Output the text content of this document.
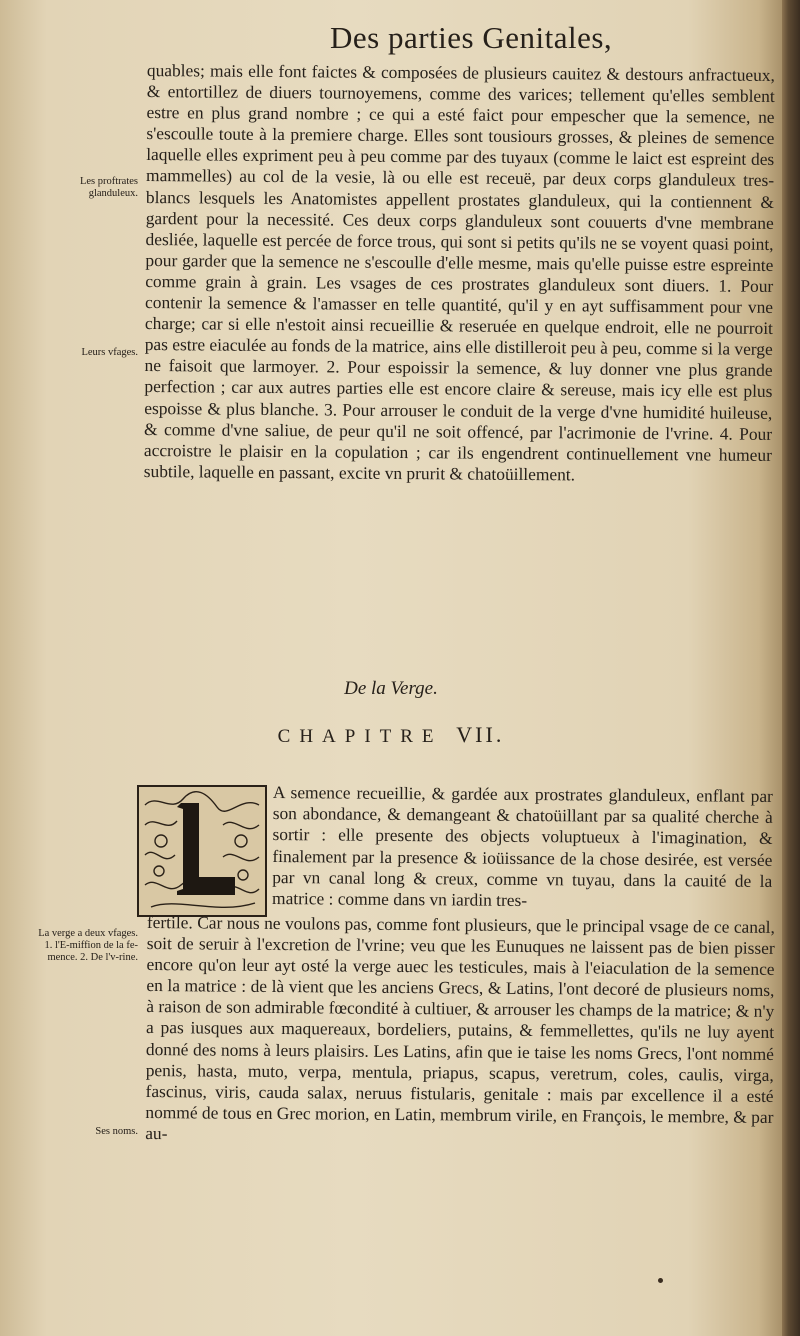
Des parties Genitales,

quables; mais elle font faictes & composées de plusieurs cauitez & destours anfractueux, & entortillez de diuers tournoyemens, comme des varices; tellement qu'elles semblent estre en plus grand nombre ; ce qui a esté faict pour empescher que la semence, ne s'escoulle toute à la premiere charge. Elles sont tousiours grosses, & pleines de semence laquelle elles expriment peu à peu comme par des tuyaux (comme le laict est espreint des mammelles) au col de la vesie, là ou elle est receuë, par deux corps glanduleux tres-blancs lesquels les Anatomistes appellent prostates glanduleux, qui la contiennent & gardent pour la necessité. Ces deux corps glanduleux sont couuerts d'vne membrane desliée, laquelle est percée de force trous, qui sont si petits qu'ils ne se voyent quasi point, pour garder que la semence ne s'escoulle d'elle mesme, mais qu'elle puisse estre espreinte comme grain à grain. Les vsages de ces prostrates glanduleux sont diuers. 1. Pour contenir la semence & l'amasser en telle quantité, qu'il y en ayt suffisamment pour vne charge; car si elle n'estoit ainsi recueillie & reseruée en quelque endroit, elle ne pourroit pas estre eiaculée au fonds de la matrice, ains elle distilleroit peu à peu, comme si la verge ne faisoit que larmoyer. 2. Pour espoissir la semence, & luy donner vne plus grande perfection ; car aux autres parties elle est encore claire & sereuse, mais icy elle est plus espoisse & plus blanche. 3. Pour arrouser le conduit de la verge d'vne humidité huileuse, & comme d'vne saliue, de peur qu'il ne soit offencé, par l'acrimonie de l'vrine. 4. Pour accroistre le plaisir en la copulation ; car ils engendrent continuellement vne humeur subtile, laquelle en passant, excite vn prurit & chatoüillement.

Les proftrates glanduleux.

Leurs vfages.

La verge a deux vfages. 1. l'E-miffion de la fe-mence. 2. De l'v-rine.

Ses noms.

De la Verge.
CHAPITRE VII.

A semence recueillie, & gardée aux prostrates glanduleux, enflant par son abondance, & demangeant & chatoüillant par sa qualité cherche à sortir : elle presente des objects voluptueux à l'imagination, & finalement par la presence & ioüissance de la chose desirée, est versée par vn canal long & creux, comme vn tuyau, dans la cauité de la matrice : comme dans vn iardin tres-

fertile. Car nous ne voulons pas, comme font plusieurs, que le principal vsage de ce canal, soit de seruir à l'excretion de l'vrine; veu que les Eunuques ne laissent pas de bien pisser encore qu'on leur ayt osté la verge auec les testicules, mais à l'eiaculation de la semence en la matrice : de là vient que les anciens Grecs, & Latins, l'ont decoré de plusieurs noms, à raison de son admirable fœcondité à cultiuer, & arrouser les champs de la matrice; & n'y a pas iusques aux maquereaux, bordeliers, putains, & femmellettes, qu'ils ne luy ayent donné des noms à leurs plaisirs. Les Latins, afin que ie taise les noms Grecs, l'ont nommé penis, hasta, muto, verpa, mentula, priapus, scapus, veretrum, coles, caulis, virga, fascinus, viris, cauda salax, neruus fistularis, genitale : mais par excellence il a esté nommé de tous en Grec morion, en Latin, membrum virile, en François, le membre, & par au-
